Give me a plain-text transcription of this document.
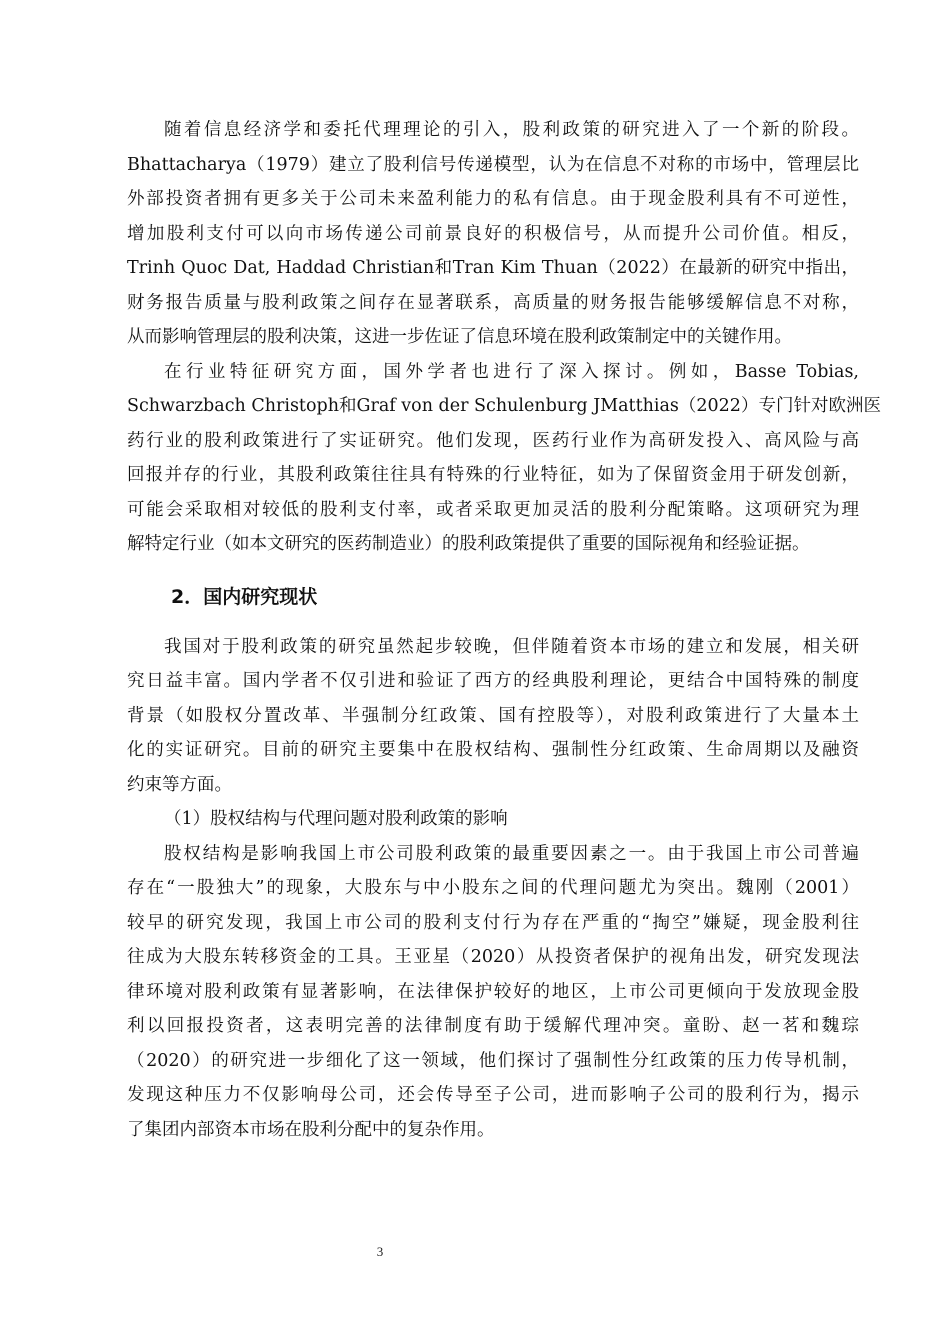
随着信息经济学和委托代理理论的引入，股利政策的研究进入了一个新的阶段。
Bhattacharya（1979）建立了股利信号传递模型，认为在信息不对称的市场中，管理层比
外部投资者拥有更多关于公司未来盈利能力的私有信息。由于现金股利具有不可逆性，
增加股利支付可以向市场传递公司前景良好的积极信号，从而提升公司价值。相反，
Trinh Quoc Dat, Haddad Christian和Tran Kim Thuan（2022）在最新的研究中指出，
财务报告质量与股利政策之间存在显著联系，高质量的财务报告能够缓解信息不对称，
从而影响管理层的股利决策，这进一步佐证了信息环境在股利政策制定中的关键作用。
在行业特征研究方面，国外学者也进行了深入探讨。例如，Basse Tobias,
Schwarzbach Christoph和Graf von der Schulenburg JMatthias（2022）专门针对欧洲医
药行业的股利政策进行了实证研究。他们发现，医药行业作为高研发投入、高风险与高
回报并存的行业，其股利政策往往具有特殊的行业特征，如为了保留资金用于研发创新，
可能会采取相对较低的股利支付率，或者采取更加灵活的股利分配策略。这项研究为理
解特定行业（如本文研究的医药制造业）的股利政策提供了重要的国际视角和经验证据。
2．国内研究现状
我国对于股利政策的研究虽然起步较晚，但伴随着资本市场的建立和发展，相关研
究日益丰富。国内学者不仅引进和验证了西方的经典股利理论，更结合中国特殊的制度
背景（如股权分置改革、半强制分红政策、国有控股等），对股利政策进行了大量本土
化的实证研究。目前的研究主要集中在股权结构、强制性分红政策、生命周期以及融资
约束等方面。
（1）股权结构与代理问题对股利政策的影响
股权结构是影响我国上市公司股利政策的最重要因素之一。由于我国上市公司普遍
存在“一股独大”的现象，大股东与中小股东之间的代理问题尤为突出。魏刚（2001）
较早的研究发现，我国上市公司的股利支付行为存在严重的“掏空”嫌疑，现金股利往
往成为大股东转移资金的工具。王亚星（2020）从投资者保护的视角出发，研究发现法
律环境对股利政策有显著影响，在法律保护较好的地区，上市公司更倾向于发放现金股
利以回报投资者，这表明完善的法律制度有助于缓解代理冲突。童盼、赵一茗和魏琮
（2020）的研究进一步细化了这一领域，他们探讨了强制性分红政策的压力传导机制，
发现这种压力不仅影响母公司，还会传导至子公司，进而影响子公司的股利行为，揭示
了集团内部资本市场在股利分配中的复杂作用。
3
